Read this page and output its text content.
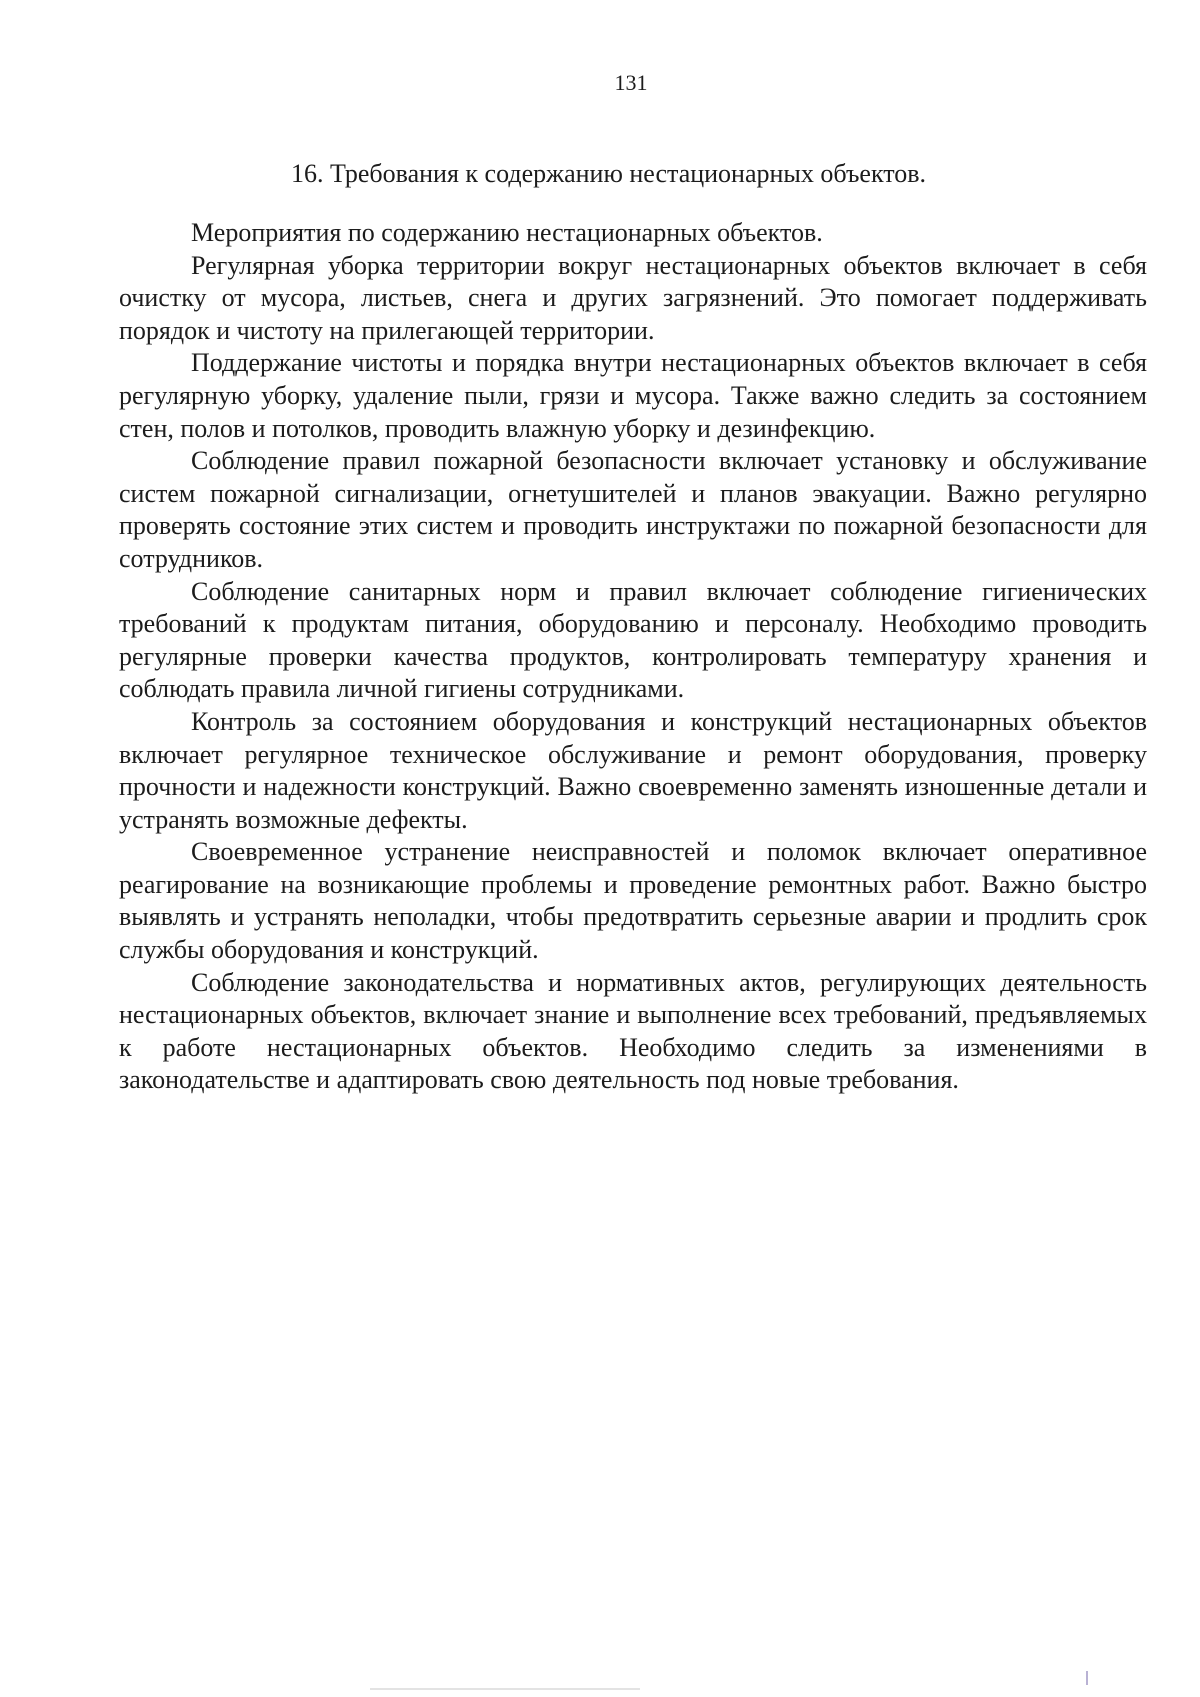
131
16. Требования к содержанию нестационарных объектов.

Мероприятия по содержанию нестационарных объектов.

Регулярная уборка территории вокруг нестационарных объектов включает в себя очистку от мусора, листьев, снега и других загрязнений. Это помогает поддерживать порядок и чистоту на прилегающей территории.

Поддержание чистоты и порядка внутри нестационарных объектов включает в себя регулярную уборку, удаление пыли, грязи и мусора. Также важно следить за состоянием стен, полов и потолков, проводить влажную уборку и дезинфекцию.

Соблюдение правил пожарной безопасности включает установку и обслуживание систем пожарной сигнализации, огнетушителей и планов эвакуации. Важно регулярно проверять состояние этих систем и проводить инструктажи по пожарной безопасности для сотрудников.

Соблюдение санитарных норм и правил включает соблюдение гигиенических требований к продуктам питания, оборудованию и персоналу. Необходимо проводить регулярные проверки качества продуктов, контролировать температуру хранения и соблюдать правила личной гигиены сотрудниками.

Контроль за состоянием оборудования и конструкций нестационарных объектов включает регулярное техническое обслуживание и ремонт оборудования, проверку прочности и надежности конструкций. Важно своевременно заменять изношенные детали и устранять возможные дефекты.

Своевременное устранение неисправностей и поломок включает оперативное реагирование на возникающие проблемы и проведение ремонтных работ. Важно быстро выявлять и устранять неполадки, чтобы предотвратить серьезные аварии и продлить срок службы оборудования и конструкций.

Соблюдение законодательства и нормативных актов, регулирующих деятельность нестационарных объектов, включает знание и выполнение всех требований, предъявляемых к работе нестационарных объектов. Необходимо следить за изменениями в законодательстве и адаптировать свою деятельность под новые требования.
